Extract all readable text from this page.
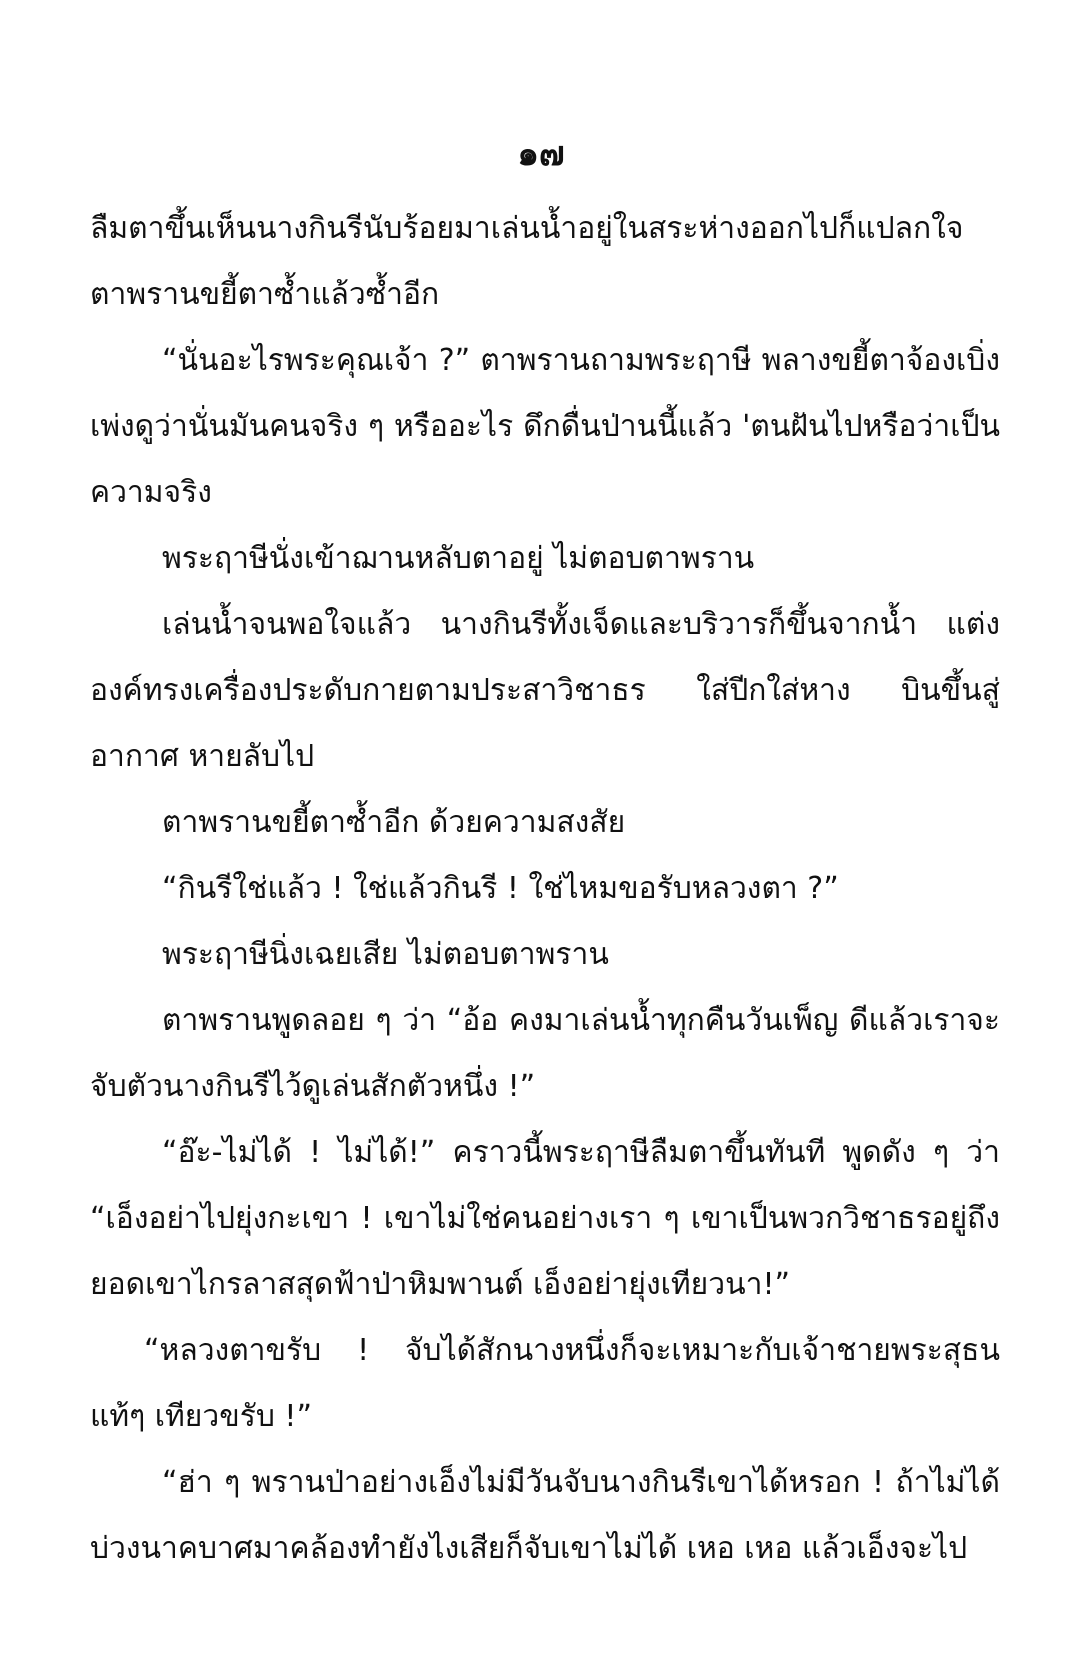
๑๗

ลืมตาขึ้นเห็นนางกินรีนับร้อยมาเล่นน้ำอยู่ในสระห่างออกไปก็แปลกใจ ตาพรานขยี้ตาซ้ำแล้วซ้ำอีก

“นั่นอะไรพระคุณเจ้า ?” ตาพรานถามพระฤาษี พลางขยี้ตาจ้องเบิ่ง เพ่งดูว่านั่นมันคนจริง ๆ หรืออะไร ดึกดื่นป่านนี้แล้ว 'ตนฝันไปหรือว่าเป็นความจริง

พระฤาษีนั่งเข้าฌานหลับตาอยู่ ไม่ตอบตาพราน

เล่นน้ำจนพอใจแล้ว นางกินรีทั้งเจ็ดและบริวารก็ขึ้นจากน้ำ แต่งองค์ทรงเครื่องประดับกายตามประสาวิชาธร ใส่ปีกใส่หาง บินขึ้นสู่อากาศ หายลับไป

ตาพรานขยี้ตาซ้ำอีก ด้วยความสงสัย

“กินรีใช่แล้ว ! ใช่แล้วกินรี ! ใช่ไหมขอรับหลวงตา ?”

พระฤาษีนิ่งเฉยเสีย ไม่ตอบตาพราน

ตาพรานพูดลอย ๆ ว่า “อ้อ คงมาเล่นน้ำทุกคืนวันเพ็ญ ดีแล้วเราจะจับตัวนางกินรีไว้ดูเล่นสักตัวหนึ่ง !”

“อ๊ะ-ไม่ได้ ! ไม่ได้!” คราวนี้พระฤาษีลืมตาขึ้นทันที พูดดัง ๆ ว่า “เอ็งอย่าไปยุ่งกะเขา ! เขาไม่ใช่คนอย่างเรา ๆ เขาเป็นพวกวิชาธรอยู่ถึงยอดเขาไกรลาสสุดฟ้าป่าหิมพานต์ เอ็งอย่ายุ่งเทียวนา!”

“หลวงตาขรับ ! จับได้สักนางหนึ่งก็จะเหมาะกับเจ้าชายพระสุธนแท้ๆ เทียวขรับ !”

“ฮ่า ๆ พรานป่าอย่างเอ็งไม่มีวันจับนางกินรีเขาได้หรอก ! ถ้าไม่ได้บ่วงนาคบาศมาคล้องทำยังไงเสียก็จับเขาไม่ได้ เหอ เหอ แล้วเอ็งจะไป
